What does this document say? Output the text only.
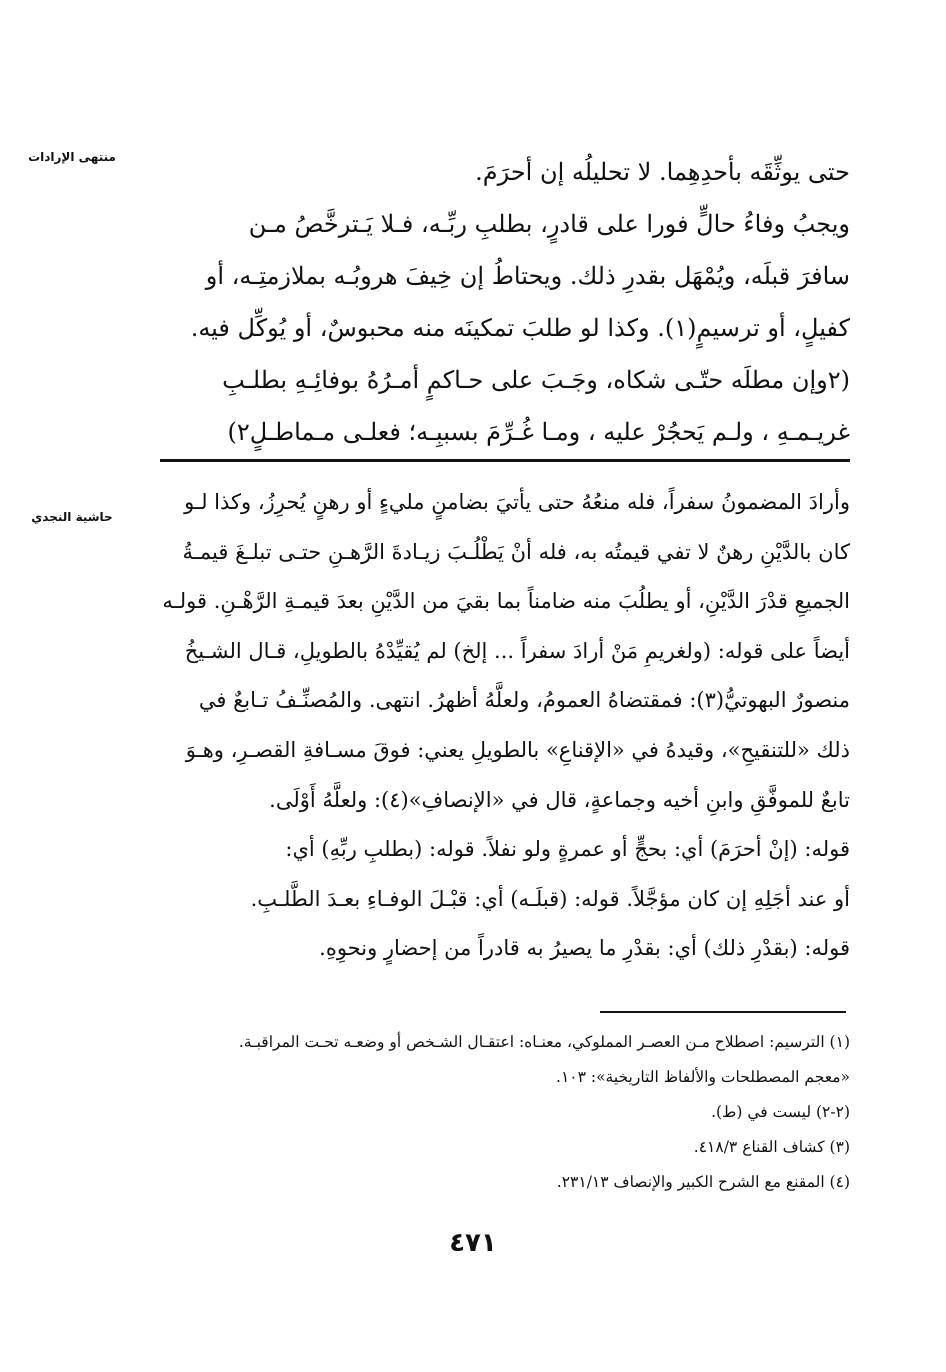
منتهى الإرادات
حتى يوثِّقَه بأحدِهِما. لا تحليلُه إن أحرَمَ.
ويجبُ وفاءُ حالٍّ فورا على قادرٍ، بطلبِ ربِّـه، فـلا يَـترخَّصُ مـن
سافرَ قبلَه، ويُمْهَل بقدرِ ذلك. ويحتاطُ إن خِيفَ هروبُـه بملازمتِـه، أو
كفيلٍ، أو ترسيمٍ(١). وكذا لو طلبَ تمكينَه منه محبوسٌ، أو يُوكِّل فيه.
(٢وإن مطلَه حتّـى شكاه، وجَـبَ على حـاكمٍ أمـرُهُ بوفائِـهِ بطلـبِ
غريـمـهِ ، ولـم يَحجُرْ عليه ، ومـا غُـرِّمَ بسببِـه؛ فعلـى مـماطـلٍ٢)
حاشية النجدي
وأرادَ المضمونُ سفراً، فله منعُهُ حتى يأتيَ بضامنٍ مليءٍ أو رهنٍ يُحرِزُ، وكذا لـو
كان بالدَّيْنِ رهنٌ لا تفي قيمتُه به، فله أنْ يَطْلُـبَ زيـادةَ الرَّهـنِ حتـى تبلـغَ قيمـةُ
الجميعِ قدْرَ الدَّيْنِ، أو يطلُبَ منه ضامناً بما بقيَ من الدَّيْنِ بعدَ قيمـةِ الرَّهْـنِ. قولـه
أيضاً على قوله: (ولغريمِ مَنْ أرادَ سفراً ... إلخ) لم يُقيِّدْهُ بالطويلِ، قـال الشـيخُ
منصورٌ البهوتيُّ(٣): فمقتضاهُ العمومُ، ولعلَّهُ أظهرُ. انتهى. والمُصنِّـفُ تـابعٌ في
ذلك «للتنقيحِ»، وقيدهُ في «الإقناعِ» بالطويلِ يعني: فوقَ مسـافةِ القصـرِ، وهـوَ
تابعٌ للموفَّقِ وابنِ أخيه وجماعةٍ، قال في «الإنصافِ»(٤): ولعلَّهُ أَوْلَى.
قوله: (إنْ أحرَمَ) أي: بحجٍّ أو عمرةٍ ولو نفلاً. قوله: (بطلبِ ربِّهِ) أي:
أو عند أجَلِهِ إن كان مؤجَّلاً. قوله: (قبلَـه) أي: قبْـلَ الوفـاءِ بعـدَ الطَّلـبِ.
قوله: (بقدْرِ ذلك) أي: بقدْرِ ما يصيرُ به قادراً من إحضارٍ ونحوِهِ.
(١) الترسيم: اصطلاح مـن العصـر المملوكي، معنـاه: اعتقـال الشـخص أو وضعـه تحـت المراقبـة.
«معجم المصطلحات والألفاظ التاريخية»: ١٠٣.
(٢-٢) ليست في (ط).
(٣) كشاف القناع ٤١٨/٣.
(٤) المقنع مع الشرح الكبير والإنصاف ٢٣١/١٣.
٤٧١
